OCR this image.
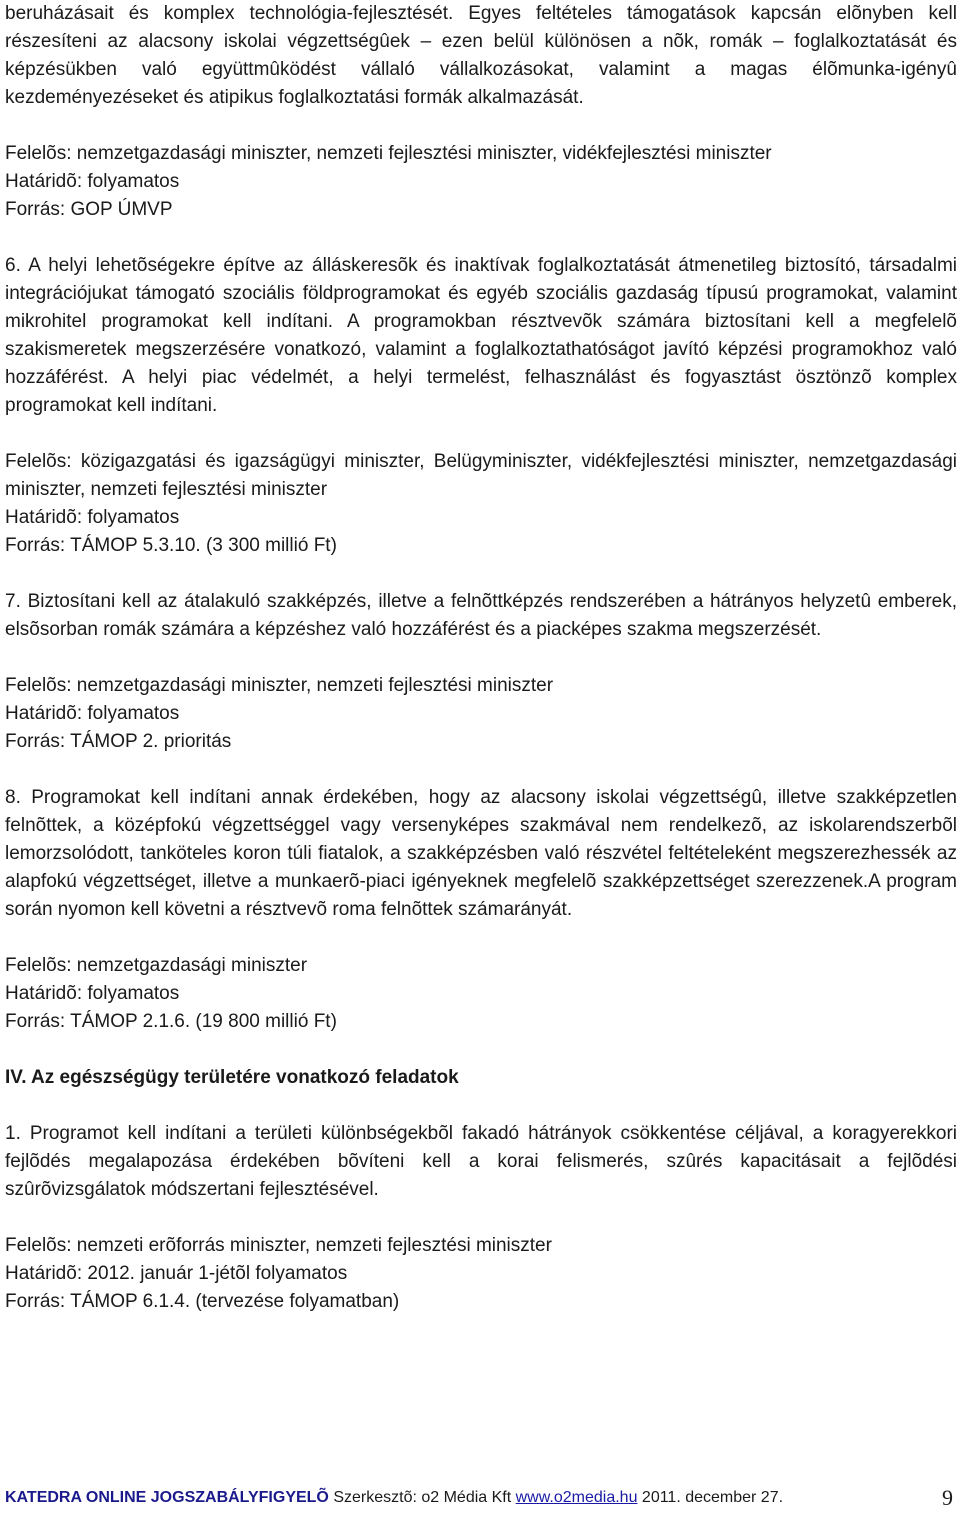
beruházásait és komplex technológia-fejlesztését. Egyes feltételes támogatások kapcsán elõnyben kell részesíteni az alacsony iskolai végzettségûek – ezen belül különösen a nõk, romák – foglalkoztatását és képzésükben való együttmûködést vállaló vállalkozásokat, valamint a magas élõmunka-igényû kezdeményezéseket és atipikus foglalkoztatási formák alkalmazását.

Felelõs: nemzetgazdasági miniszter, nemzeti fejlesztési miniszter, vidékfejlesztési miniszter

Határidõ: folyamatos

Forrás: GOP ÚMVP

6. A helyi lehetõségekre építve az álláskeresõk és inaktívak foglalkoztatását átmenetileg biztosító, társadalmi integrációjukat támogató szociális földprogramokat és egyéb szociális gazdaság típusú programokat, valamint mikrohitel programokat kell indítani. A programokban résztvevõk számára biztosítani kell a megfelelõ szakismeretek megszerzésére vonatkozó, valamint a foglalkoztathatóságot javító képzési programokhoz való hozzáférést. A helyi piac védelmét, a helyi termelést, felhasználást és fogyasztást ösztönzõ komplex programokat kell indítani.

Felelõs: közigazgatási és igazságügyi miniszter, Belügyminiszter, vidékfejlesztési miniszter, nemzetgazdasági miniszter, nemzeti fejlesztési miniszter

Határidõ: folyamatos

Forrás: TÁMOP 5.3.10. (3 300 millió Ft)

7. Biztosítani kell az átalakuló szakképzés, illetve a felnõttképzés rendszerében a hátrányos helyzetû emberek, elsõsorban romák számára a képzéshez való hozzáférést és a piacképes szakma megszerzését.

Felelõs: nemzetgazdasági miniszter, nemzeti fejlesztési miniszter

Határidõ: folyamatos

Forrás: TÁMOP 2. prioritás

8. Programokat kell indítani annak érdekében, hogy az alacsony iskolai végzettségû, illetve szakképzetlen felnõttek, a középfokú végzettséggel vagy versenyképes szakmával nem rendelkezõ, az iskolarendszerbõl lemorzsolódott, tanköteles koron túli fiatalok, a szakképzésben való részvétel feltételeként megszerezhessék az alapfokú végzettséget, illetve a munkaerõ-piaci igényeknek megfelelõ szakképzettséget szerezzenek.A program során nyomon kell követni a résztvevõ roma felnõttek számarányát.

Felelõs: nemzetgazdasági miniszter

Határidõ: folyamatos

Forrás: TÁMOP 2.1.6. (19 800 millió Ft)

IV. Az egészségügy területére vonatkozó feladatok

1. Programot kell indítani a területi különbségekbõl fakadó hátrányok csökkentése céljával, a koragyerekkori fejlõdés megalapozása érdekében bõvíteni kell a korai felismerés, szûrés kapacitásait a fejlõdési szûrõvizsgálatok módszertani fejlesztésével.

Felelõs: nemzeti erõforrás miniszter, nemzeti fejlesztési miniszter

Határidõ: 2012. január 1-jétõl folyamatos

Forrás: TÁMOP 6.1.4. (tervezése folyamatban)

KATEDRA ONLINE JOGSZABÁLYFIGYELÕ Szerkesztõ: o2 Média Kft www.o2media.hu 2011. december 27.	9
